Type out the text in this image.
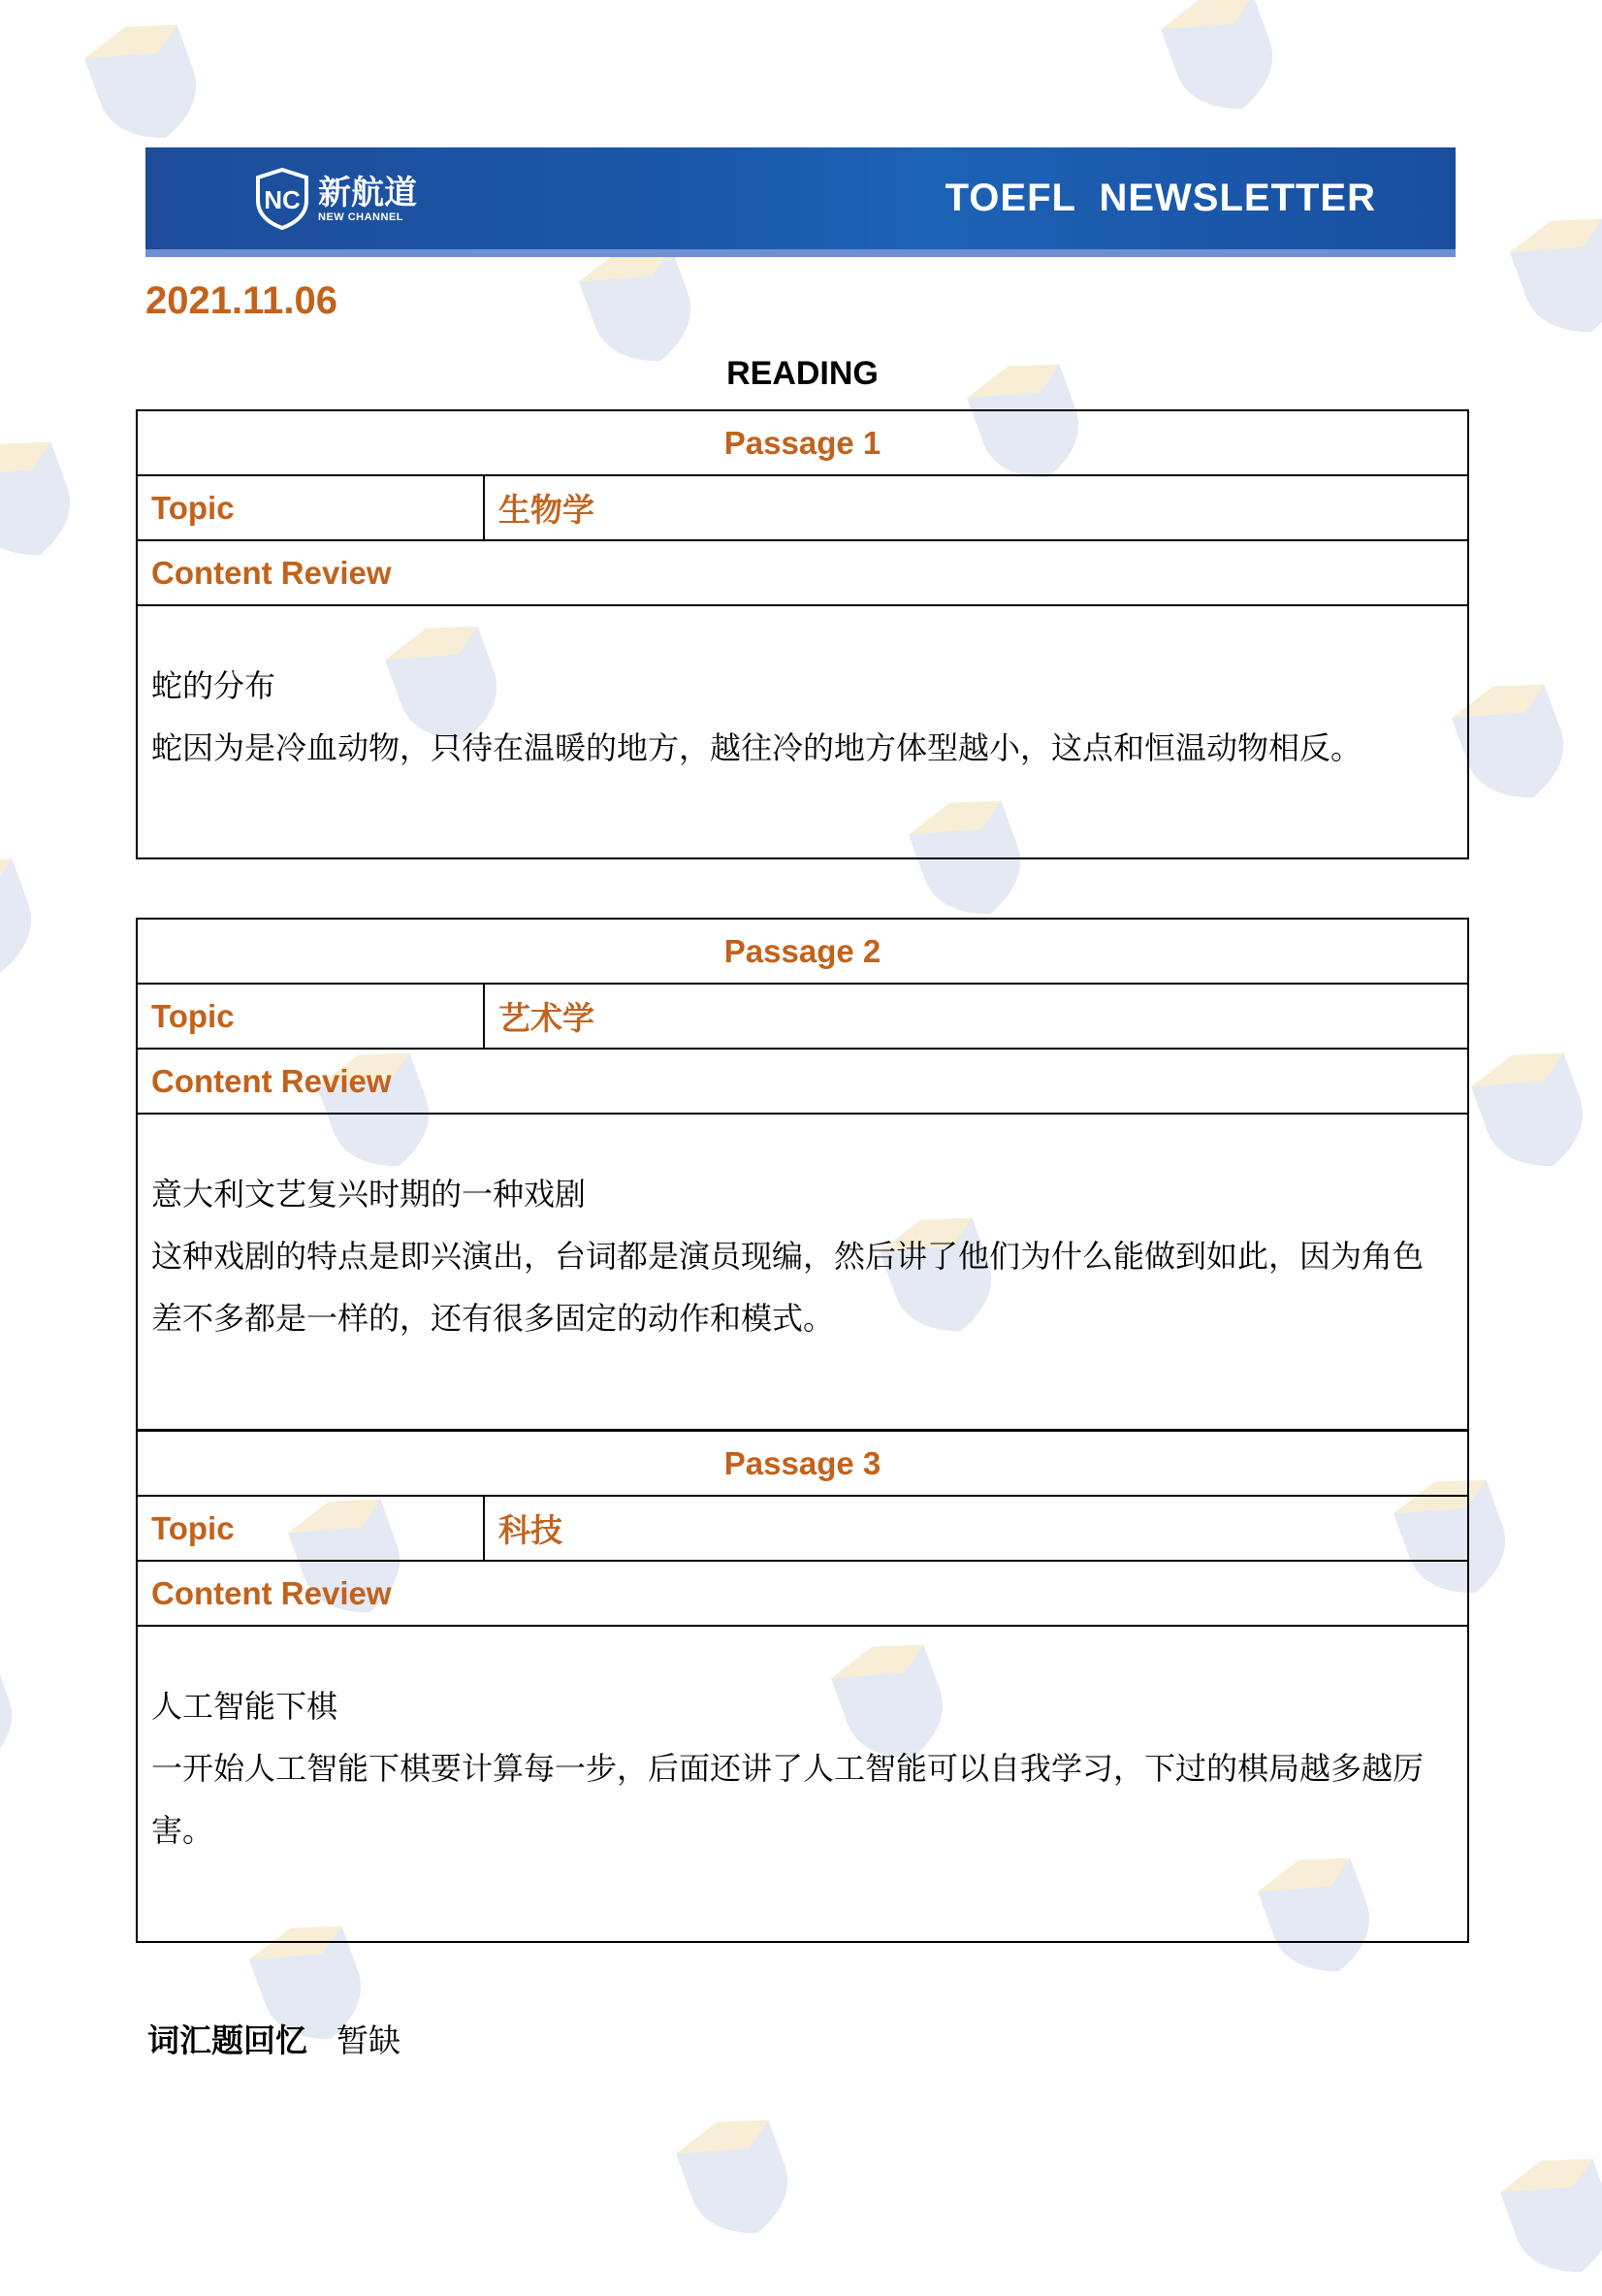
NC 新航道
NEW CHANNEL	TOEFL  NEWSLETTER
2021.11.06
READING
Passage 1
Topic	生物学
Content Review

蛇的分布

蛇因为是冷血动物，只待在温暖的地方，越往冷的地方体型越小，这点和恒温动物相反。

Passage 2
Topic	艺术学
Content Review

意大利文艺复兴时期的一种戏剧

这种戏剧的特点是即兴演出，台词都是演员现编，然后讲了他们为什么能做到如此，因为角色差不多都是一样的，还有很多固定的动作和模式。

Passage 3
Topic	科技
Content Review

人工智能下棋

一开始人工智能下棋要计算每一步，后面还讲了人工智能可以自我学习，下过的棋局越多越厉害。

词汇题回忆 暂缺
